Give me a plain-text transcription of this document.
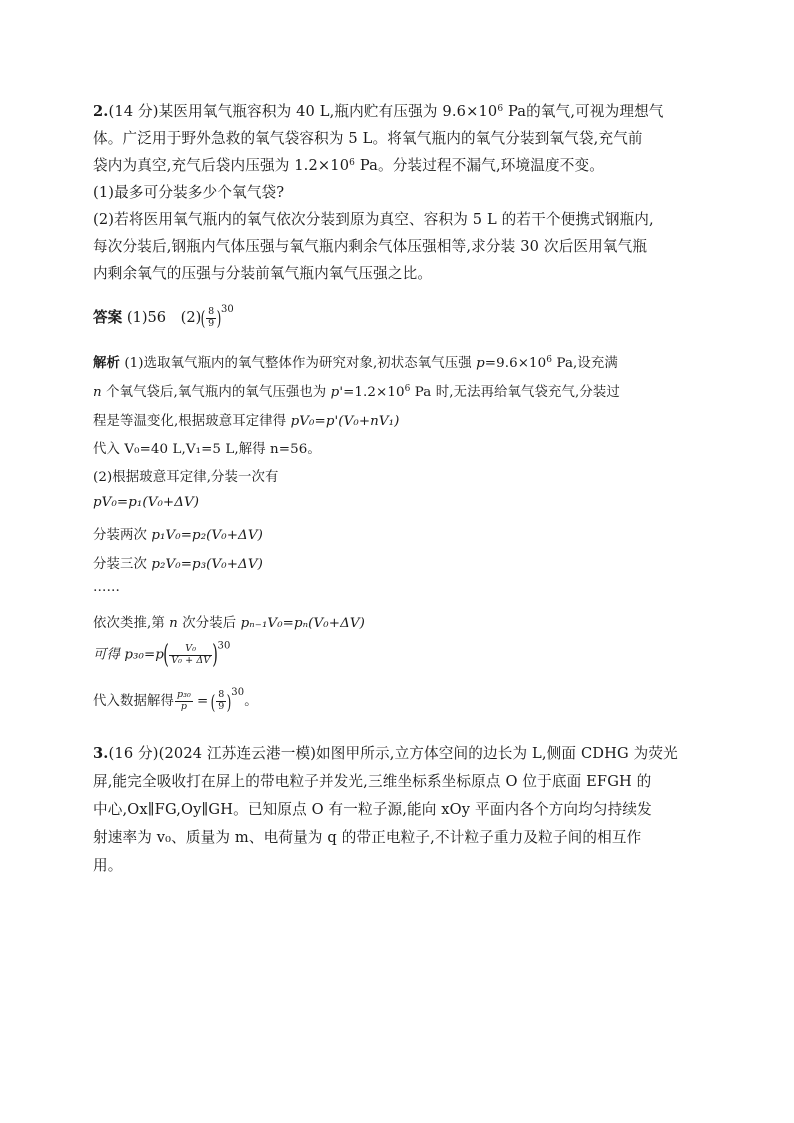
2.(14 分)某医用氧气瓶容积为 40 L,瓶内贮有压强为 $9.6\times 10^6$ Pa的氧气,可视为理想气
体。广泛用于野外急救的氧气袋容积为 5 L。将氧气瓶内的氧气分装到氧气袋,充气前
袋内为真空,充气后袋内压强为 $1.2\times 10^6$ Pa。分装过程不漏气,环境温度不变。
(1)最多可分装多少个氧气袋?
(2)若将医用氧气瓶内的氧气依次分装到原为真空、容积为 5 L 的若干个便携式钢瓶内,
每次分装后,钢瓶内气体压强与氧气瓶内剩余气体压强相等,求分装 30 次后医用氧气瓶
内剩余氧气的压强与分装前氧气瓶内氧气压强之比。
答案 (1)56　$(2)( \frac{8}{9} )^{30}$
解析 (1)选取氧气瓶内的氧气整体作为研究对象,初状态氧气压强 $p=9.6\times 10^6$ Pa,设充满
n 个氧气袋后,氧气瓶内的氧气压强也为 $p'=1.2\times 10^6$ Pa 时,无法再给氧气袋充气,分装过
程是等温变化,根据玻意耳定律得 pV₀=p'(V₀+nV₁)
代入 V₀=40 L,V₁=5 L,解得 n=56。
(2)根据玻意耳定律,分装一次有
pV₀=p₁(V₀+ΔV)
分装两次 p₁V₀=p₂(V₀+ΔV)
分装三次 p₂V₀=p₃(V₀+ΔV)
……
依次类推,第 n 次分装后 pₙ₋₁V₀=pₙ(V₀+ΔV)
可得 $p_{30}=p( \frac{\text{V₀}}{\text{V₀ + ΔV}} )^{30}$
代入数据解得 $\frac{\text{p₃₀}}{p}$ = ( $\frac{8}{9} )^{30}$。
3.(16 分)(2024 江苏连云港一模)如图甲所示,立方体空间的边长为 L,侧面 CDHG 为荧光
屏,能完全吸收打在屏上的带电粒子并发光,三维坐标系坐标原点 O 位于底面 EFGH 的
中心,Ox∥FG,Oy∥GH。已知原点 O 有一粒子源,能向 xOy 平面内各个方向均匀持续发
射速率为 v₀、质量为 m、电荷量为 q 的带正电粒子,不计粒子重力及粒子间的相互作
用。
